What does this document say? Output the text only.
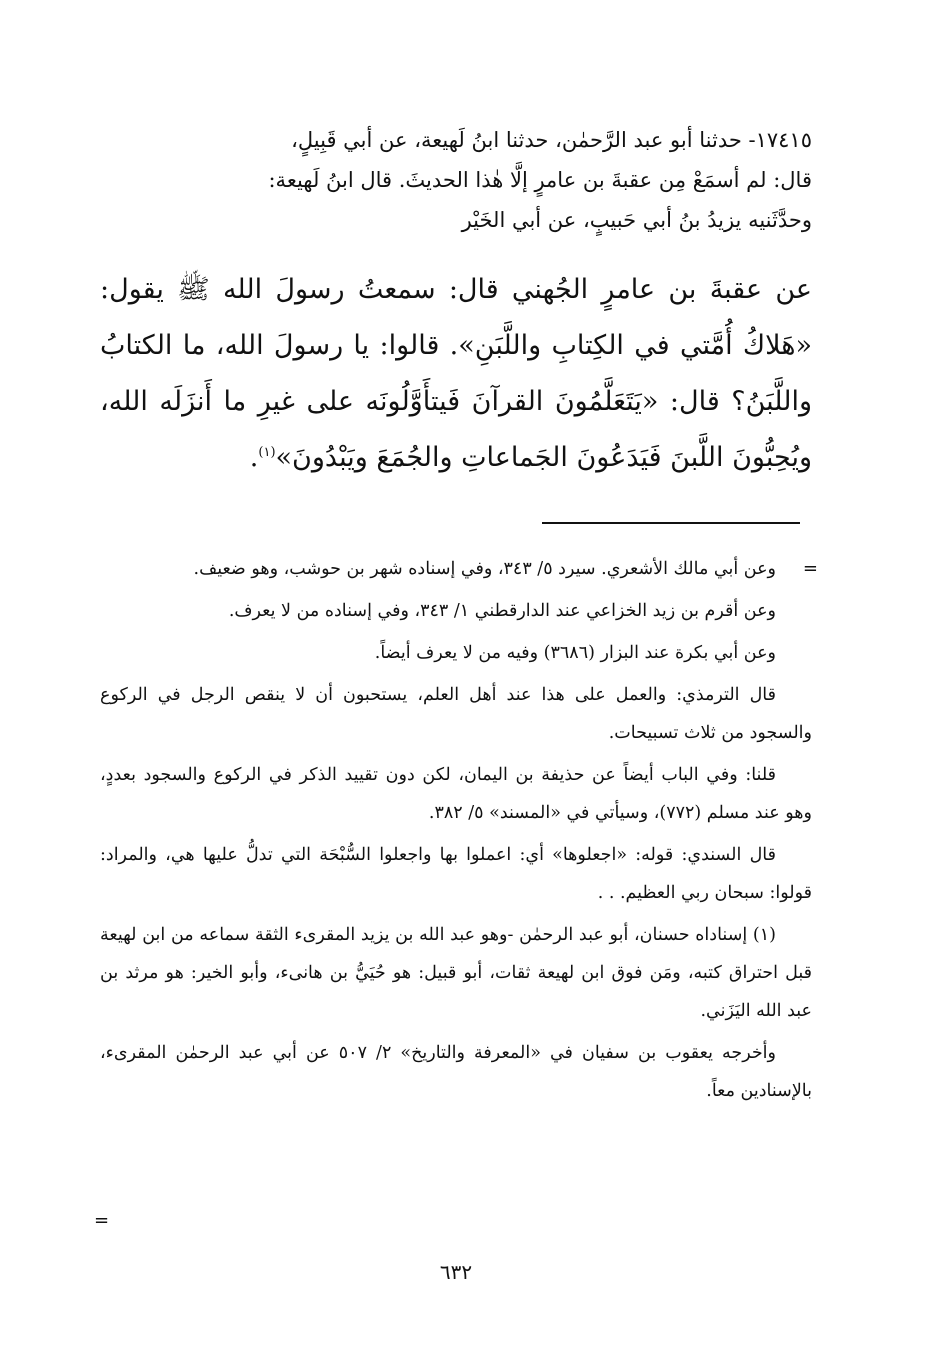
١٧٤١٥- حدثنا أبو عبد الرَّحمٰن، حدثنا ابنُ لَهيعة، عن أبي قَبِيلٍ،

قال: لم أسمَعْ مِن عقبةَ بن عامرٍ إلَّا هٰذا الحديثَ. قال ابنُ لَهيعة:

وحدَّثَنيه يزيدُ بنُ أبي حَبيبٍ، عن أبي الخَيْر

عن عقبةَ بن عامرٍ الجُهني قال: سمعتُ رسولَ الله ﷺ يقول: «هَلاكُ أُمَّتي في الكِتابِ واللَّبَنِ». قالوا: يا رسولَ الله، ما الكتابُ واللَّبَنُ؟ قال: «يَتَعَلَّمُونَ القرآنَ فَيتأَوَّلُونَه على غيرِ ما أَنزَلَه الله، ويُحِبُّونَ اللَّبنَ فَيَدَعُونَ الجَماعاتِ والجُمَعَ ويَبْدُونَ»$^{(١)}$.

=

وعن أبي مالك الأشعري. سيرد ٥/ ٣٤٣، وفي إسناده شهر بن حوشب، وهو ضعيف.

وعن أقرم بن زيد الخزاعي عند الدارقطني ١/ ٣٤٣، وفي إسناده من لا يعرف.

وعن أبي بكرة عند البزار (٣٦٨٦) وفيه من لا يعرف أيضاً.

قال الترمذي: والعمل على هذا عند أهل العلم، يستحبون أن لا ينقص الرجل في الركوع والسجود من ثلاث تسبيحات.

قلنا: وفي الباب أيضاً عن حذيفة بن اليمان، لكن دون تقييد الذكر في الركوع والسجود بعددٍ، وهو عند مسلم (٧٧٢)، وسيأتي في «المسند» ٥/ ٣٨٢.

قال السندي: قوله: «اجعلوها» أي: اعملوا بها واجعلوا السُّبْحَة التي تدلُّ عليها هي، والمراد: قولوا: سبحان ربي العظيم. . .

(١) إسناداه حسنان، أبو عبد الرحمٰن -وهو عبد الله بن يزيد المقرىء الثقة سماعه من ابن لهيعة قبل احتراق كتبه، ومَن فوق ابن لهيعة ثقات، أبو قبيل: هو حُيَيُّ بن هانىء، وأبو الخير: هو مرثد بن عبد الله اليَزَني.

وأخرجه يعقوب بن سفيان في «المعرفة والتاريخ» ٢/ ٥٠٧ عن أبي عبد الرحمٰن المقرىء، بالإسنادين معاً.

=
٦٣٢
